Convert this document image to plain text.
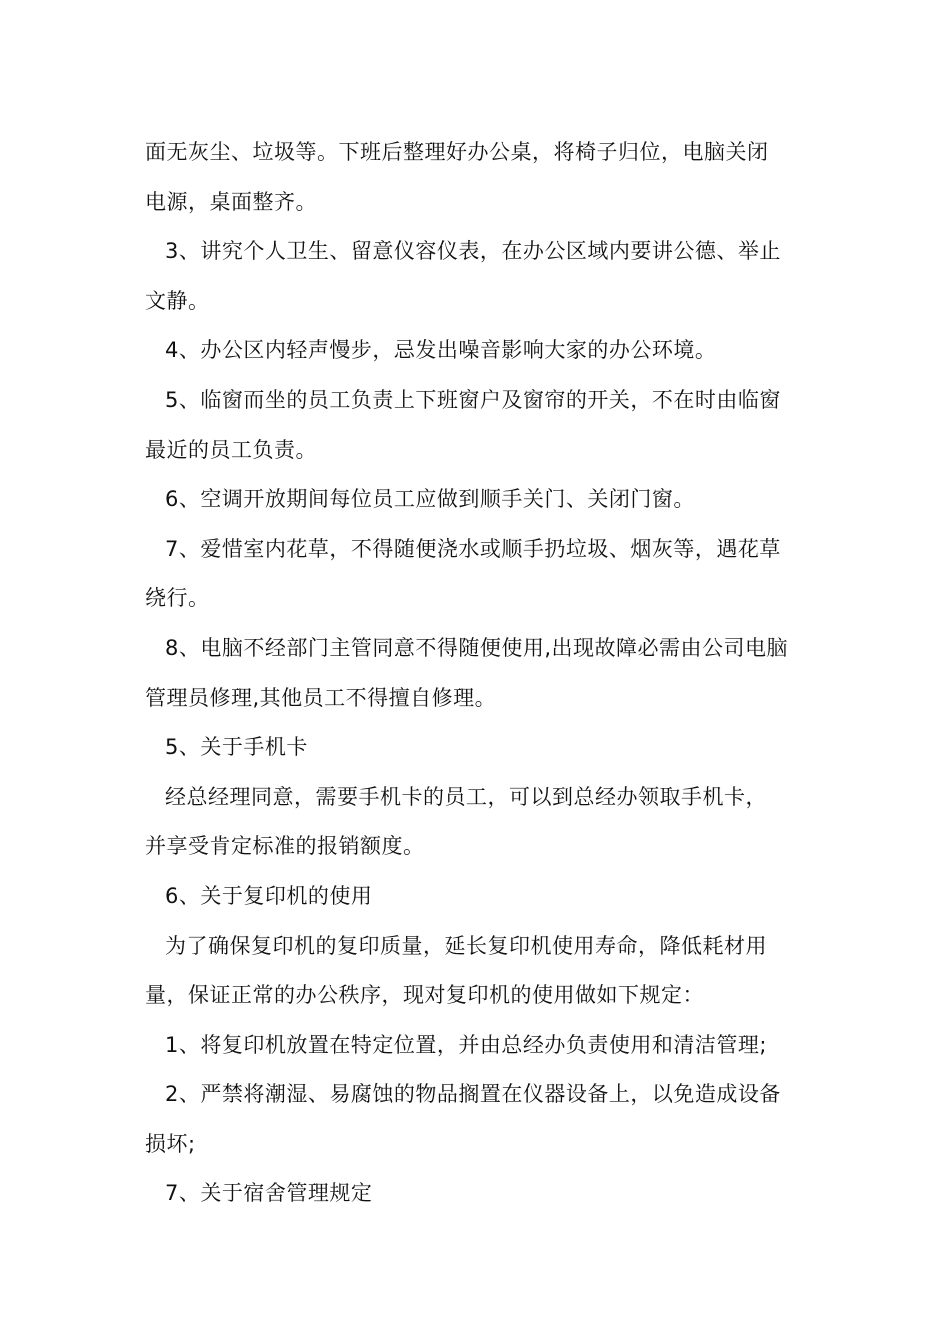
面无灰尘、垃圾等。下班后整理好办公桌，将椅子归位，电脑关闭
电源，桌面整齐。
3、讲究个人卫生、留意仪容仪表，在办公区域内要讲公德、举止
文静。
4、办公区内轻声慢步，忌发出噪音影响大家的办公环境。
5、临窗而坐的员工负责上下班窗户及窗帘的开关，不在时由临窗
最近的员工负责。
6、空调开放期间每位员工应做到顺手关门、关闭门窗。
7、爱惜室内花草，不得随便浇水或顺手扔垃圾、烟灰等，遇花草
绕行。
8、电脑不经部门主管同意不得随便使用,出现故障必需由公司电脑
管理员修理,其他员工不得擅自修理。
5、关于手机卡
经总经理同意，需要手机卡的员工，可以到总经办领取手机卡，
并享受肯定标准的报销额度。
6、关于复印机的使用
为了确保复印机的复印质量，延长复印机使用寿命，降低耗材用
量，保证正常的办公秩序，现对复印机的使用做如下规定：
1、将复印机放置在特定位置，并由总经办负责使用和清洁管理;
2、严禁将潮湿、易腐蚀的物品搁置在仪器设备上，以免造成设备
损坏;
7、关于宿舍管理规定
